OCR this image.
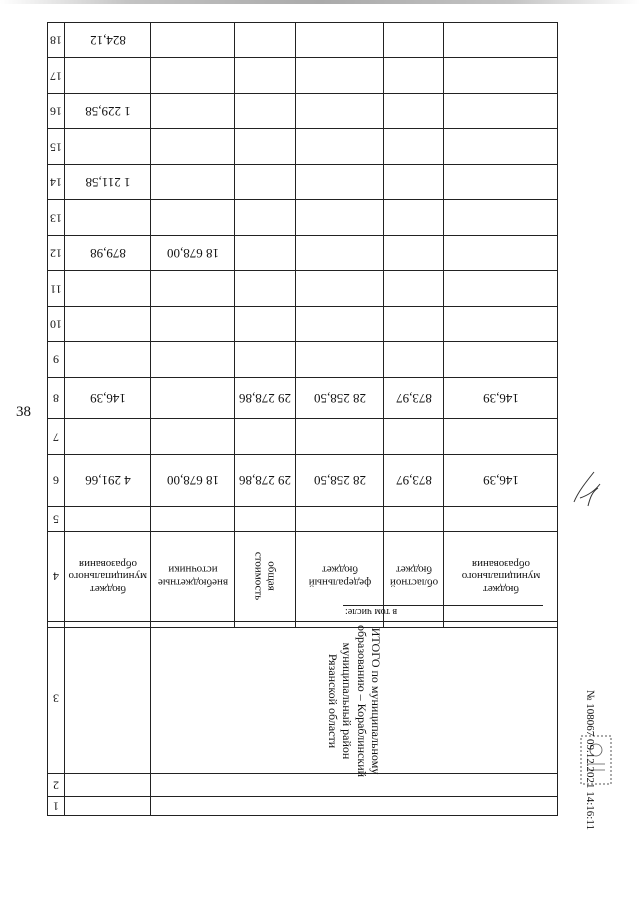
38
18	824,12					

17						

16	1 229,58					

15						

14	1 211,58					

13						

12	879,98	18 678,00				

11						

10						

9						

8	146,39		29 278,86	28 258,50	873,97	146,39

7						

6	4 291,66	18 678,00	29 278,86	28 258,50	873,97	146,39

5						

4	бюджет муниципального образования	внебюджетные источники	общая стоимость	федеральный бюджет	областной бюджет	бюджет муниципального образования

3		ИТОГО по муниципальному образованию – Кораблинский муниципальный район Рязанской области				

2						

1						

в том числе:
№ 108067 09.12.2021 14:16:11
